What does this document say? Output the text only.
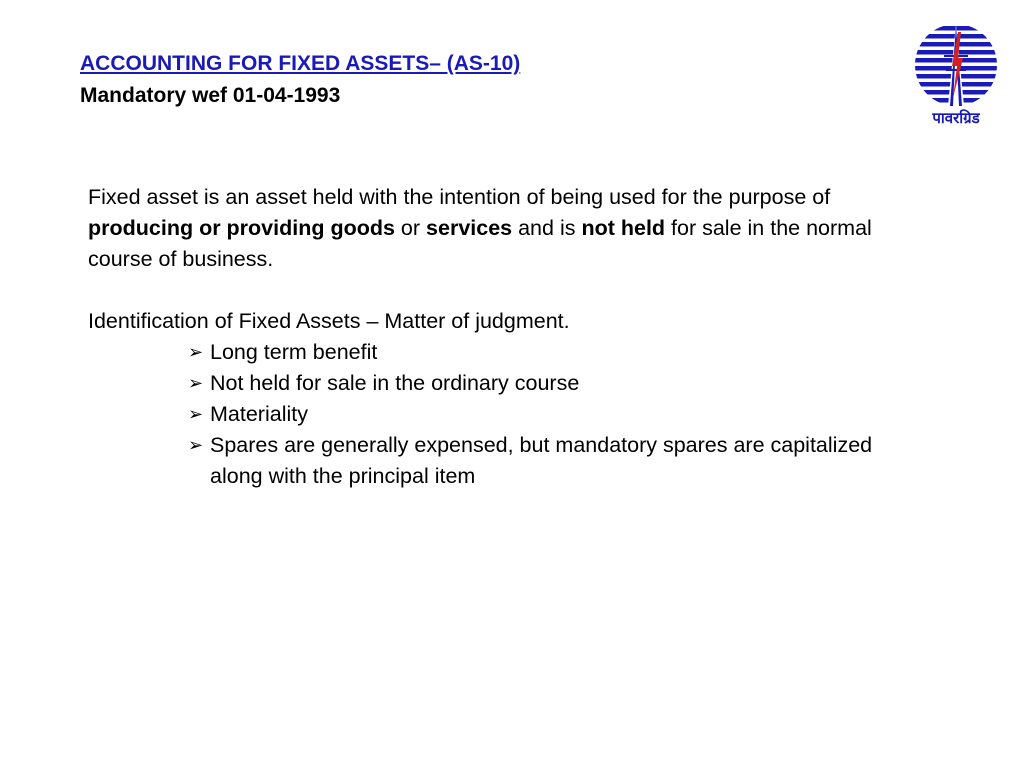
ACCOUNTING FOR FIXED ASSETS– (AS-10)
Mandatory wef 01-04-1993
पावरग्रिड
Fixed asset is an asset held with the intention of being used for the purpose of producing or providing goods or services and is not held for sale in the normal course of business.
Identification of Fixed Assets – Matter of judgment.
➢ Long term benefit
➢ Not held for sale in the ordinary course
➢ Materiality
➢ Spares are generally expensed, but mandatory spares are capitalized along with the principal item
